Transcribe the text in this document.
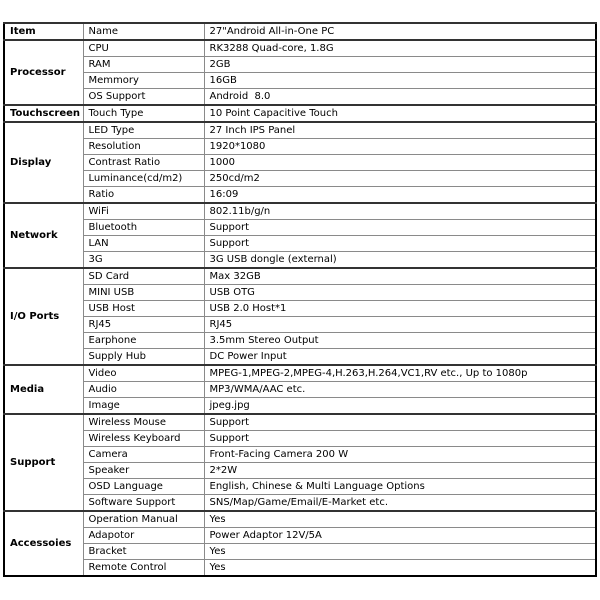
Item	Name	27"Android All-in-One PC
Processor	CPU	RK3288 Quad-core, 1.8G
	RAM	2GB
	Memmory	16GB
	OS Support	Android  8.0
Touchscreen	Touch Type	10 Point Capacitive Touch
Display	LED Type	27 Inch IPS Panel
	Resolution	1920*1080
	Contrast Ratio	1000
	Luminance(cd/m2)	250cd/m2
	Ratio	16:09
Network	WiFi	802.11b/g/n
	Bluetooth	Support
	LAN	Support
	3G	3G USB dongle (external)
I/O Ports	SD Card	Max 32GB
	MINI USB	USB OTG
	USB Host	USB 2.0 Host*1
	RJ45	RJ45
	Earphone	3.5mm Stereo Output
	Supply Hub	DC Power Input
Media	Video	MPEG-1,MPEG-2,MPEG-4,H.263,H.264,VC1,RV etc., Up to 1080p
	Audio	MP3/WMA/AAC etc.
	Image	jpeg.jpg
Support	Wireless Mouse	Support
	Wireless Keyboard	Support
	Camera	Front-Facing Camera 200 W
	Speaker	2*2W
	OSD Language	English, Chinese & Multi Language Options
	Software Support	SNS/Map/Game/Email/E-Market etc.
Accessoies	Operation Manual	Yes
	Adapotor	Power Adaptor 12V/5A
	Bracket	Yes
	Remote Control	Yes
